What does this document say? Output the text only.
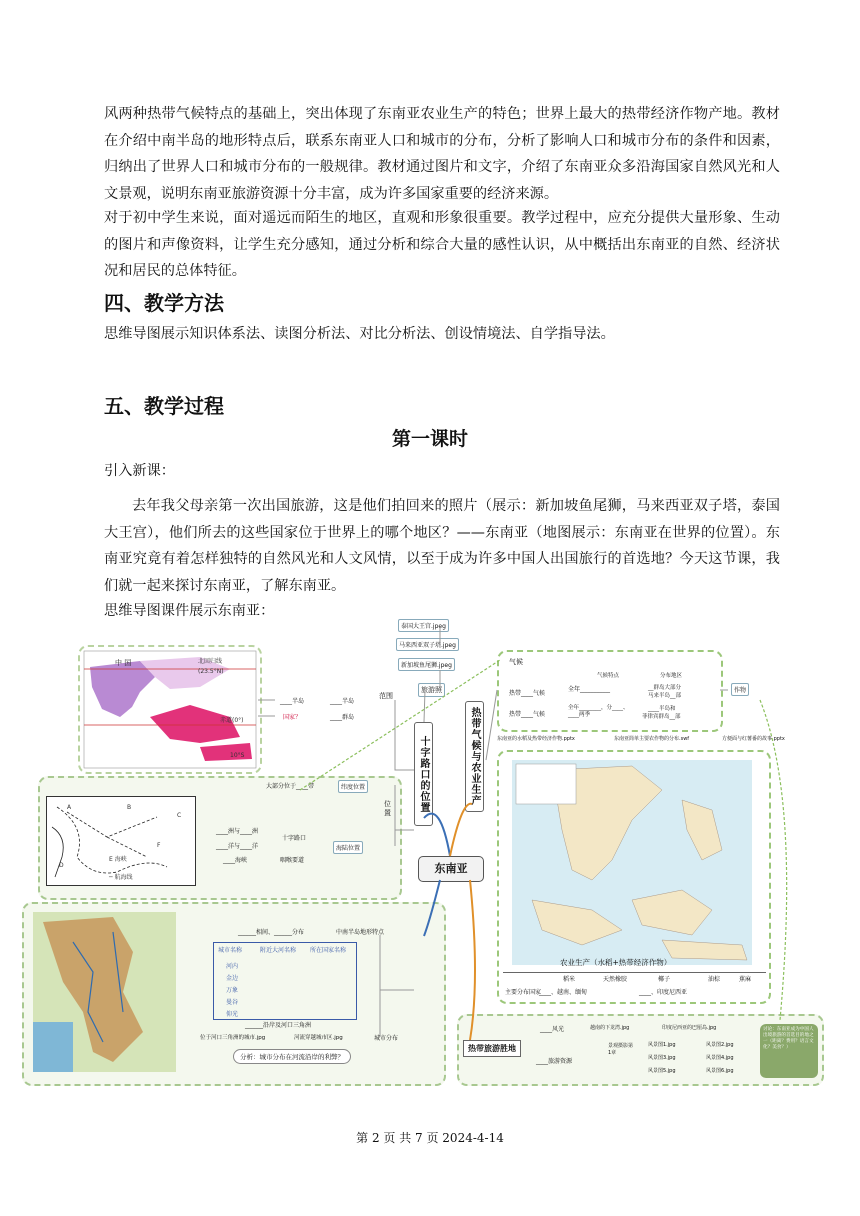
风两种热带气候特点的基础上，突出体现了东南亚农业生产的特色；世界上最大的热带经济作物产地。教材在介绍中南半岛的地形特点后，联系东南亚人口和城市的分布，分析了影响人口和城市分布的条件和因素，归纳出了世界人口和城市分布的一般规律。教材通过图片和文字，介绍了东南亚众多沿海国家自然风光和人文景观，说明东南亚旅游资源十分丰富，成为许多国家重要的经济来源。
对于初中学生来说，面对遥远而陌生的地区，直观和形象很重要。教学过程中，应充分提供大量形象、生动的图片和声像资料，让学生充分感知，通过分析和综合大量的感性认识，从中概括出东南亚的自然、经济状况和居民的总体特征。
四、教学方法
思维导图展示知识体系法、读图分析法、对比分析法、创设情境法、自学指导法。
五、教学过程
第一课时
引入新课：
去年我父母亲第一次出国旅游，这是他们拍回来的照片（展示：新加坡鱼尾狮，马来西亚双子塔，泰国大王宫），他们所去的这些国家位于世界上的哪个地区？——东南亚（地图展示：东南亚在世界的位置）。东南亚究竟有着怎样独特的自然风光和人文风情，以至于成为许多中国人出国旅行的首选地？今天这节课，我们就一起来探讨东南亚，了解东南亚。
思维导图课件展示东南亚：
中 国	北回归线
(23.5°N)
赤道(0°)
10°S
____半岛	____半岛
国家？	____群岛
范围
泰国大王宫.jpeg
马来西亚双子塔.jpeg
新加坡鱼尾狮.jpeg
旅游照
十字路口的位置	热带气候与农业生产
东南亚
A	B
C
D
E 海峡
F
─ 航海线
大部分位于____带	纬度位置
位置
____洲与____洲
____洋与____洋
十字路口
____海峡	咽喉要道
海陆位置
气候
气候特点	分布地区
热带____气候
全年__________	__群岛大部分
马来半岛__部
热带____气候
全年________，分____、____两季
____半岛和
菲律宾群岛__部
作物
东南亚的水稻及热带经济作物.pptx	东南亚简单主要农作物的分布.swf	方便面与红薯番的故事.pptx
农业生产（水稻+热带经济作物）
主要分布国家
稻米	天然橡胶	椰子	油棕	蕉麻
____、越南、缅甸	____、印度尼西亚
______相间、______分布	中南半岛地形特点
城市名称	附近大河名称 所在国家名称
河内
金边
万象
曼谷
仰光
______沿岸及河口三角洲
位于河口三角洲的城市.jpg	河流穿越城市区.jpg	城市分布
分析：城市分布在河流沿岸的利弊？
热带旅游胜地
____风光	越南的下龙湾.jpg	印度尼西亚的巴厘岛.jpg
____旅游资源
景观摄影第1章
风景图1.jpg	风景图2.jpg
风景图3.jpg	风景图4.jpg
风景图5.jpg	风景图6.jpg
讨论：东南亚成为中国人出境旅游的首选目的地之一（距离？费用？语言文化？美食？）
第 2 页 共 7 页 2024-4-14
